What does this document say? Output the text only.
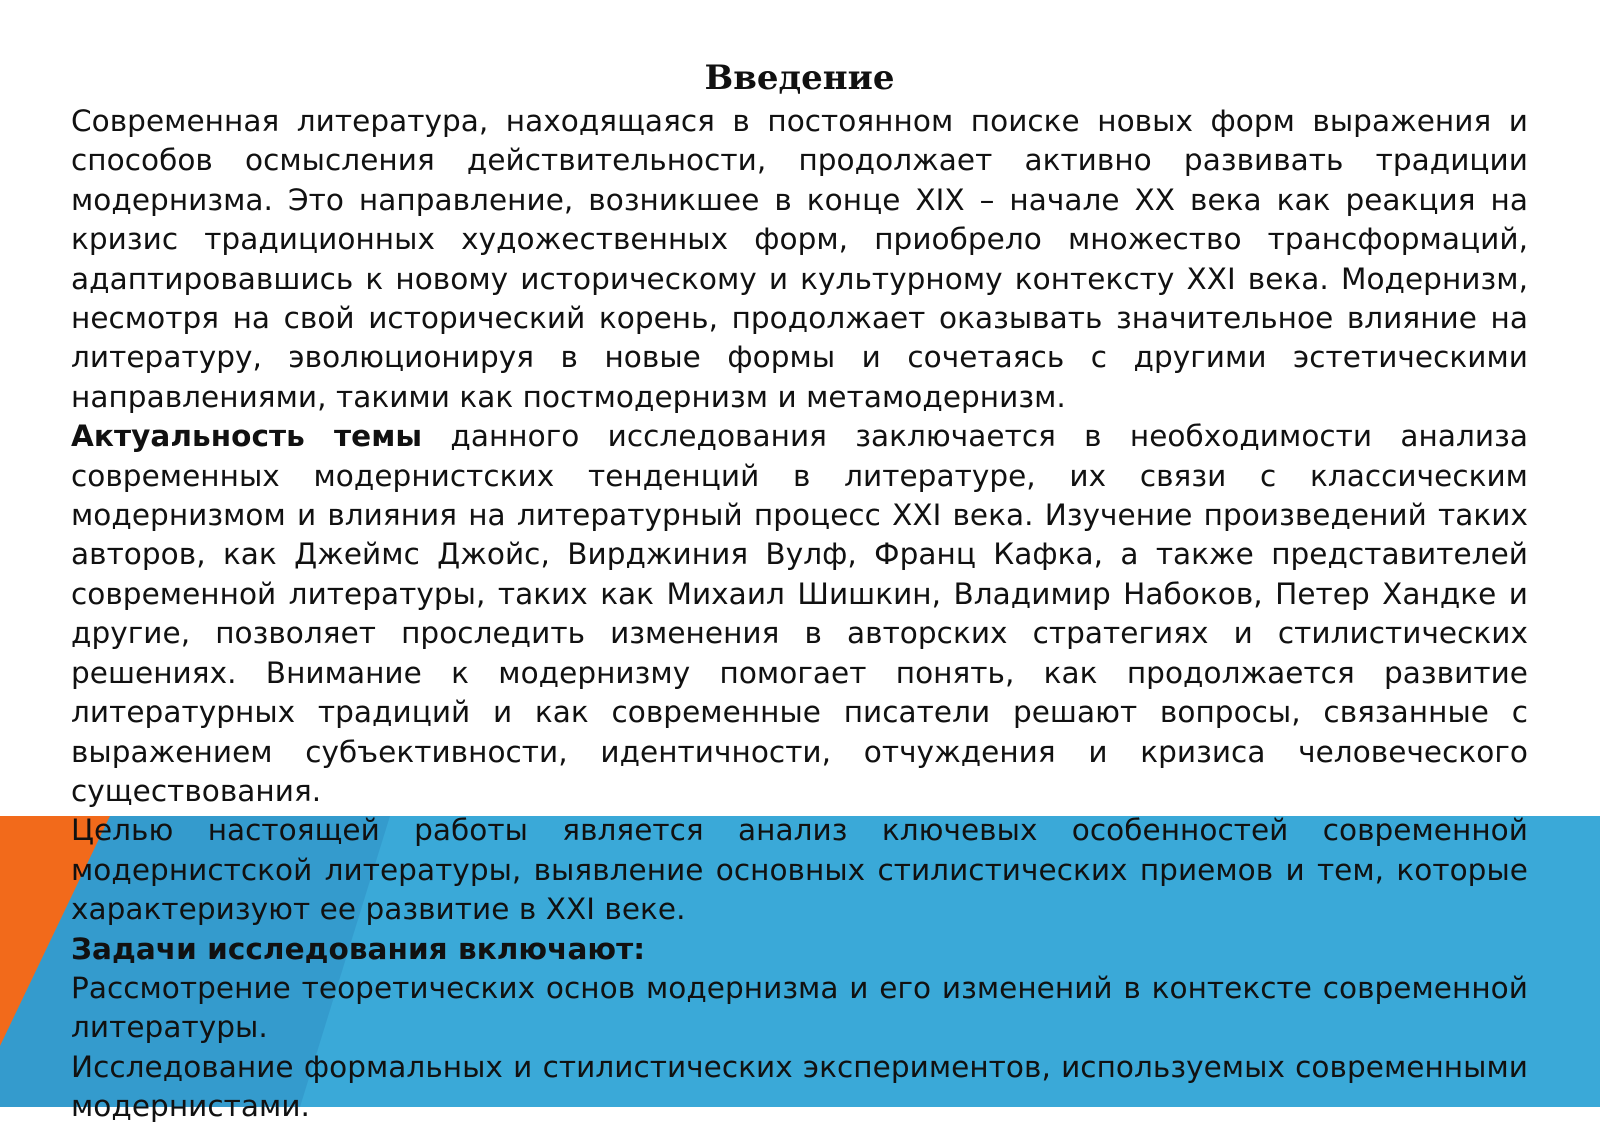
Введение

Современная литература, находящаяся в постоянном поиске новых форм выражения и способов осмысления действительности, продолжает активно развивать традиции модернизма. Это направление, возникшее в конце XIX – начале XX века как реакция на кризис традиционных художественных форм, приобрело множество трансформаций, адаптировавшись к новому историческому и культурному контексту XXI века. Модернизм, несмотря на свой исторический корень, продолжает оказывать значительное влияние на литературу, эволюционируя в новые формы и сочетаясь с другими эстетическими направлениями, такими как постмодернизм и метамодернизм.

Актуальность темы данного исследования заключается в необходимости анализа современных модернистских тенденций в литературе, их связи с классическим модернизмом и влияния на литературный процесс XXI века. Изучение произведений таких авторов, как Джеймс Джойс, Вирджиния Вулф, Франц Кафка, а также представителей современной литературы, таких как Михаил Шишкин, Владимир Набоков, Петер Хандке и другие, позволяет проследить изменения в авторских стратегиях и стилистических решениях. Внимание к модернизму помогает понять, как продолжается развитие литературных традиций и как современные писатели решают вопросы, связанные с выражением субъективности, идентичности, отчуждения и кризиса человеческого существования.

Целью настоящей работы является анализ ключевых особенностей современной модернистской литературы, выявление основных стилистических приемов и тем, которые характеризуют ее развитие в XXI веке.

Задачи исследования включают:

Рассмотрение теоретических основ модернизма и его изменений в контексте современной литературы.

Исследование формальных и стилистических экспериментов, используемых современными модернистами.
